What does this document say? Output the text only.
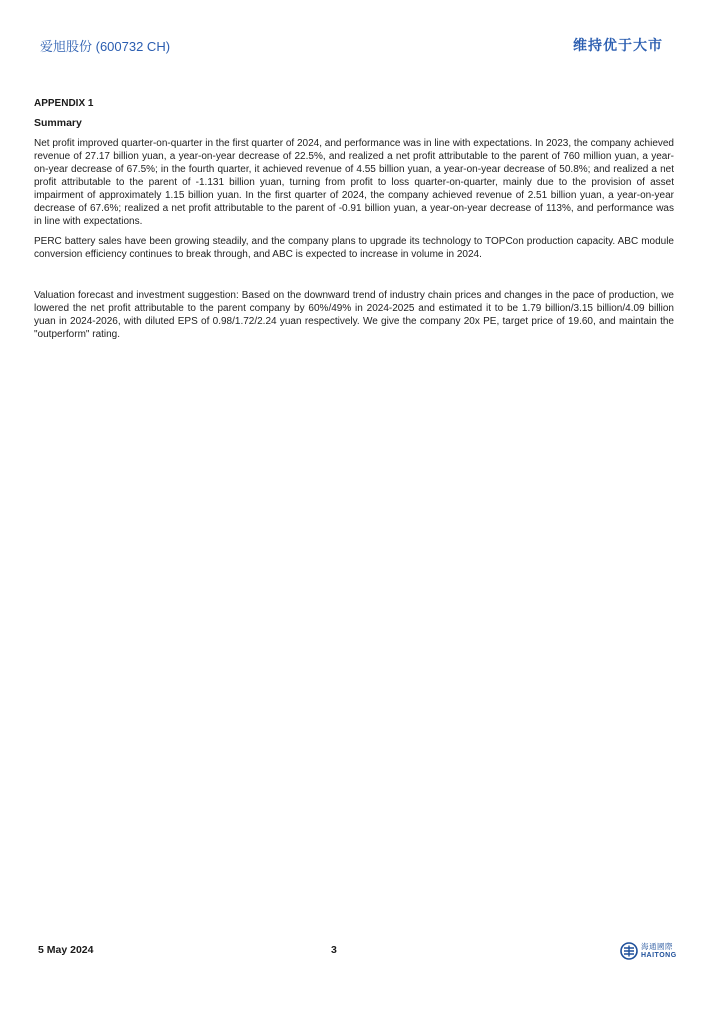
爱旭股份 (600732 CH)	维持优于大市
APPENDIX 1
Summary

Net profit improved quarter-on-quarter in the first quarter of 2024, and performance was in line with expectations. In 2023, the company achieved revenue of 27.17 billion yuan, a year-on-year decrease of 22.5%, and realized a net profit attributable to the parent of 760 million yuan, a year-on-year decrease of 67.5%; in the fourth quarter, it achieved revenue of 4.55 billion yuan, a year-on-year decrease of 50.8%; and realized a net profit attributable to the parent of -1.131 billion yuan, turning from profit to loss quarter-on-quarter, mainly due to the provision of asset impairment of approximately 1.15 billion yuan. In the first quarter of 2024, the company achieved revenue of 2.51 billion yuan, a year-on-year decrease of 67.6%; realized a net profit attributable to the parent of -0.91 billion yuan, a year-on-year decrease of 113%, and performance was in line with expectations.

PERC battery sales have been growing steadily, and the company plans to upgrade its technology to TOPCon production capacity. ABC module conversion efficiency continues to break through, and ABC is expected to increase in volume in 2024.

Valuation forecast and investment suggestion: Based on the downward trend of industry chain prices and changes in the pace of production, we lowered the net profit attributable to the parent company by 60%/49% in 2024-2025 and estimated it to be 1.79 billion/3.15 billion/4.09 billion yuan in 2024-2026, with diluted EPS of 0.98/1.72/2.24 yuan respectively. We give the company 20x PE, target price of 19.60, and maintain the "outperform" rating.

5 May 2024	3	海通國際
HAITONG
